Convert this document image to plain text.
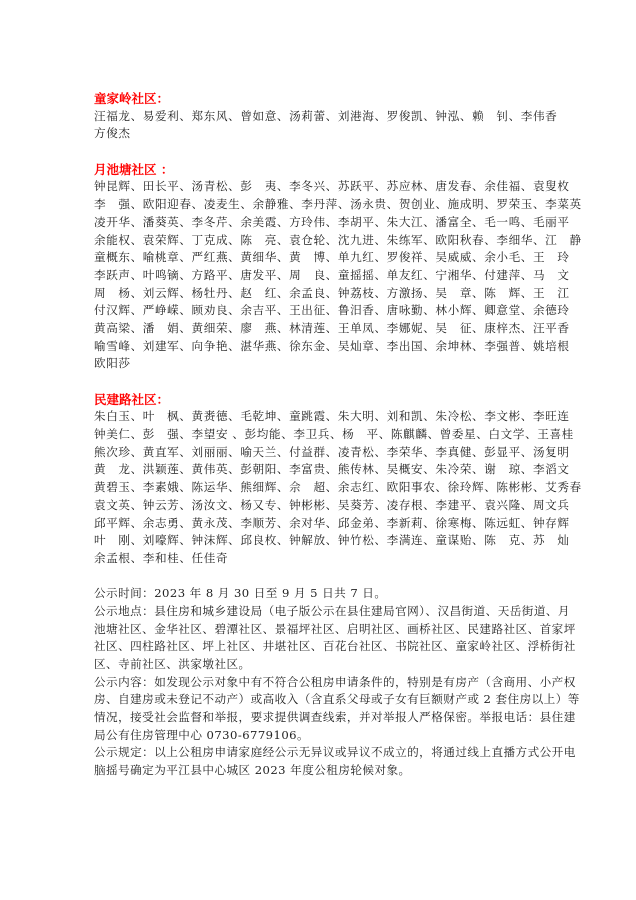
童家岭社区：
汪福龙、易爱利、郑东风、曾如意、汤莉蕾、刘港海、罗俊凯、钟泓、赖　钊、李伟香
方俊杰
月池塘社区 ：
钟昆辉、田长平、汤青松、彭　夷、李冬兴、苏跃平、苏应林、唐发春、余佳福、袁叟枚
李　强、欧阳迎春、凌麦生、余静雅、李丹萍、汤永贵、贺创业、施成明、罗荣玉、李菜英
凌开华、潘葵英、李冬芹、余美霞、方玲伟、李胡平、朱大江、潘富全、毛一鸣、毛丽平
余能权、袁荣辉、丁克成、陈　亮、袁仓轮、沈九进、朱练军、欧阳秋春、李细华、江　静
童概东、喻桃章、严红燕、黄细华、黄　博、单九红、罗俊祥、吴威威、余小毛、王　玲
李跃声、叶鸣镝、方路平、唐发平、周　良、童摇摇、单友红、宁湘华、付建萍、马　文
周　杨、刘云辉、杨牡丹、赵　红、余孟良、钟荔枝、方激扬、吴　章、陈　辉、王　江
付汉辉、严峥嵘、顾劝良、余吉平、王出征、鲁汨香、唐咏勤、林小辉、卿意堂、余德玲
黄高梁、潘　娟、黄细荣、廖　燕、林清莲、王单凤、李娜妮、吴　征、康梓杰、汪平香
喻雪峰、刘建军、向争艳、湛华燕、徐东金、吴灿章、李出国、余坤林、李强普、姚培根
欧阳莎
民建路社区：
朱白玉、叶　枫、黄赉德、毛乾坤、童跳霞、朱大明、刘和凯、朱冷松、李文彬、李旺连
钟美仁、彭　强、李望安 、彭均能、李卫兵、杨　平、陈麒麟、曾委星、白文学、王喜桂
熊次珍、黄直军、刘丽丽、喻天兰、付益群、凌青松、李荣华、李真健、彭显平、汤复明
黄　龙、洪颖莲、黄伟英、彭朝阳、李富贵、熊传林、吴概安、朱冷荣、谢　琼、李滔文
黄碧玉、李素娥、陈运华、熊细辉、佘　超、余志红、欧阳事农、徐玲辉、陈彬彬、艾秀春
袁文英、钟云芳、汤汝文、杨又专、钟彬彬、吴葵芳、凌存根、李建平、袁兴隆、周文兵
邱平辉、余志勇、黄永茂、李顺芳、余对华、邱金弟、李新莉、徐寒梅、陈远虹、钟存辉
叶　刚、刘嚎辉、钟沫辉、邱良枚、钟解放、钟竹松、李满连、童谋贻、陈　克、苏　灿
余孟根、李和桂、任佳奇
公示时间：2023 年 8 月 30 日至 9 月 5 日共 7 日。
公示地点：县住房和城乡建设局（电子版公示在县住建局官网）、汉昌街道、天岳街道、月
池塘社区、金华社区、碧潭社区、景福坪社区、启明社区、画桥社区、民建路社区、首家坪
社区、四柱路社区、坪上社区、井堪社区、百花台社区、书院社区、童家岭社区、浮桥街社
区、寺前社区、洪家墩社区。
公示内容：如发现公示对象中有不符合公租房申请条件的，特别是有房产（含商用、小产权
房、自建房或未登记不动产）或高收入（含直系父母或子女有巨额财产或 2 套住房以上）等
情况，接受社会监督和举报，要求提供调查线索，并对举报人严格保密。举报电话：县住建
局公有住房管理中心 0730-6779106。
公示规定：以上公租房申请家庭经公示无异议或异议不成立的，将通过线上直播方式公开电
脑摇号确定为平江县中心城区 2023 年度公租房轮候对象。
